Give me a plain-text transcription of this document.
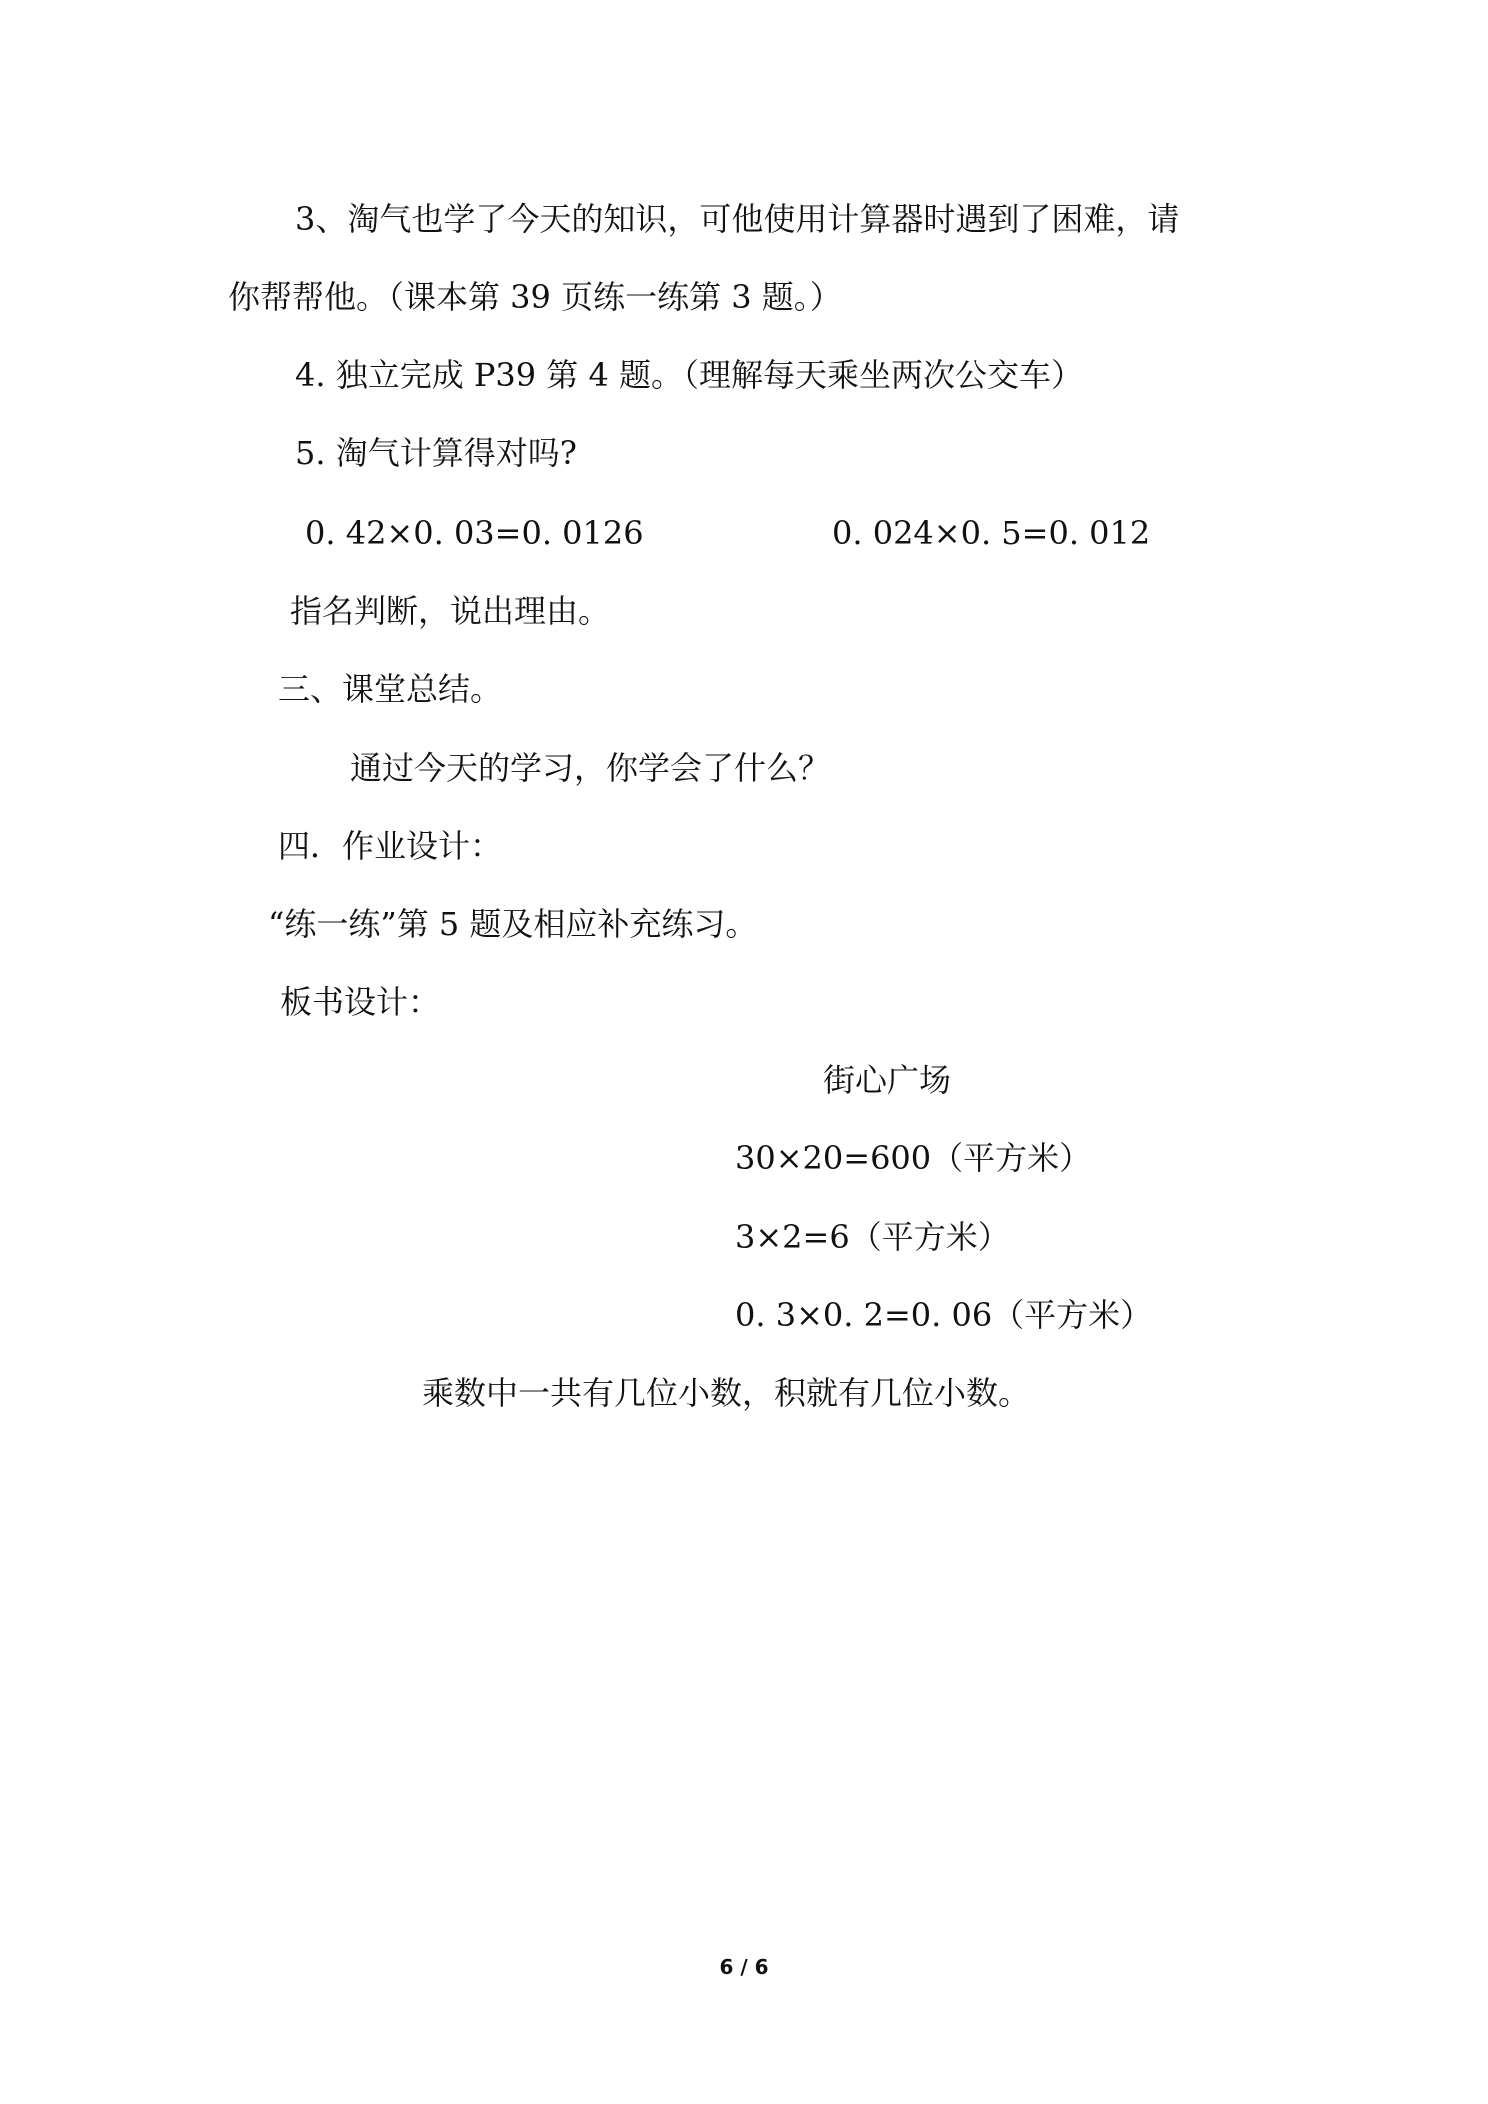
3、淘气也学了今天的知识，可他使用计算器时遇到了困难，请
你帮帮他。（课本第 39 页练一练第 3 题。）
4. 独立完成 P39 第 4 题。（理解每天乘坐两次公交车）
5. 淘气计算得对吗?
0. 42×0. 03=0. 0126	0. 024×0. 5=0. 012
指名判断，说出理由。
三、课堂总结。
通过今天的学习，你学会了什么？
四．作业设计：
“练一练”第 5 题及相应补充练习。
板书设计：
街心广场
30×20=600（平方米）
3×2=6（平方米）
0. 3×0. 2=0. 06（平方米）
乘数中一共有几位小数，积就有几位小数。
6 / 6
